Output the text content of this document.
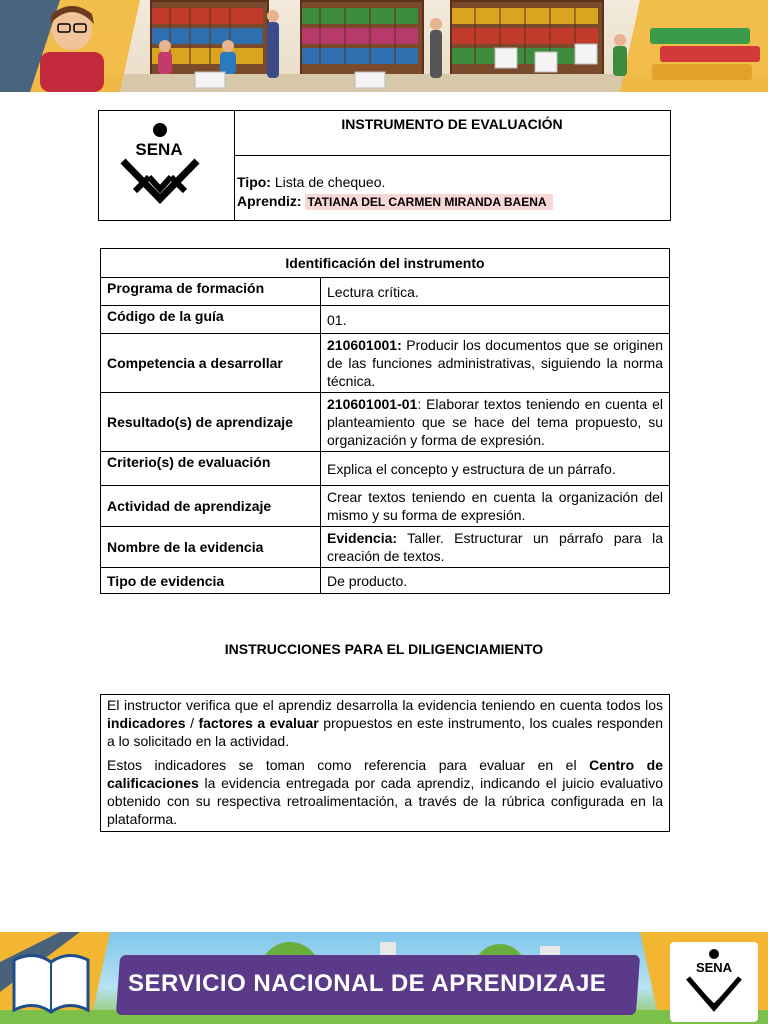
SENA
INSTRUMENTO DE EVALUACIÓN
Tipo: Lista de chequeo.
Aprendiz: TATIANA DEL CARMEN MIRANDA BAENA
Identificación del instrumento	
Programa de formación	Lectura crítica.
Código de la guía	01.
Competencia a desarrollar	210601001: Producir los documentos que se originen de las funciones administrativas, siguiendo la norma técnica.
Resultado(s) de aprendizaje	210601001-01: Elaborar textos teniendo en cuenta el planteamiento que se hace del tema propuesto, su organización y forma de expresión.
Criterio(s) de evaluación	Explica el concepto y estructura de un párrafo.
Actividad de aprendizaje	Crear textos teniendo en cuenta la organización del mismo y su forma de expresión.
Nombre de la evidencia	Evidencia: Taller. Estructurar un párrafo para la creación de textos.
Tipo de evidencia	De producto.
INSTRUCCIONES PARA EL DILIGENCIAMIENTO

El instructor verifica que el aprendiz desarrolla la evidencia teniendo en cuenta todos los indicadores / factores a evaluar propuestos en este instrumento, los cuales responden a lo solicitado en la actividad.

Estos indicadores se toman como referencia para evaluar en el Centro de calificaciones la evidencia entregada por cada aprendiz, indicando el juicio evaluativo obtenido con su respectiva retroalimentación, a través de la rúbrica configurada en la plataforma.

SERVICIO NACIONAL DE APRENDIZAJE
SENA
